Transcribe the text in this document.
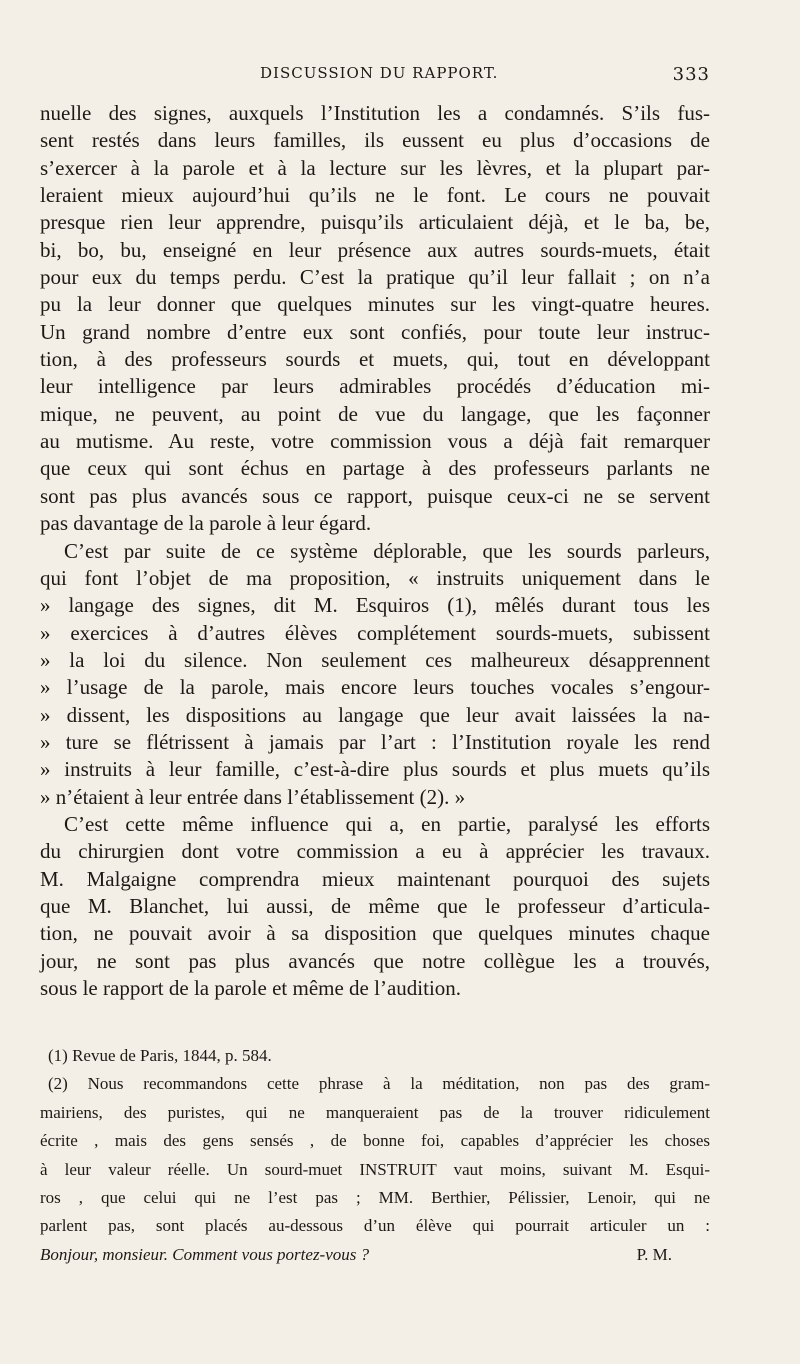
DISCUSSION DU RAPPORT.	333
nuelle des signes, auxquels l’Institution les a condamnés. S’ils fus-
sent restés dans leurs familles, ils eussent eu plus d’occasions de
s’exercer à la parole et à la lecture sur les lèvres, et la plupart par-
leraient mieux aujourd’hui qu’ils ne le font. Le cours ne pouvait
presque rien leur apprendre, puisqu’ils articulaient déjà, et le ba, be,
bi, bo, bu, enseigné en leur présence aux autres sourds-muets, était
pour eux du temps perdu. C’est la pratique qu’il leur fallait ; on n’a
pu la leur donner que quelques minutes sur les vingt-quatre heures.
Un grand nombre d’entre eux sont confiés, pour toute leur instruc-
tion, à des professeurs sourds et muets, qui, tout en développant
leur intelligence par leurs admirables procédés d’éducation mi-
mique, ne peuvent, au point de vue du langage, que les façonner
au mutisme. Au reste, votre commission vous a déjà fait remarquer
que ceux qui sont échus en partage à des professeurs parlants ne
sont pas plus avancés sous ce rapport, puisque ceux-ci ne se servent
pas davantage de la parole à leur égard.
C’est par suite de ce système déplorable, que les sourds parleurs,
qui font l’objet de ma proposition, « instruits uniquement dans le
» langage des signes, dit M. Esquiros (1), mêlés durant tous les
» exercices à d’autres élèves complétement sourds-muets, subissent
» la loi du silence. Non seulement ces malheureux désapprennent
» l’usage de la parole, mais encore leurs touches vocales s’engour-
» dissent, les dispositions au langage que leur avait laissées la na-
» ture se flétrissent à jamais par l’art : l’Institution royale les rend
» instruits à leur famille, c’est-à-dire plus sourds et plus muets qu’ils
» n’étaient à leur entrée dans l’établissement (2). »
C’est cette même influence qui a, en partie, paralysé les efforts
du chirurgien dont votre commission a eu à apprécier les travaux.
M. Malgaigne comprendra mieux maintenant pourquoi des sujets
que M. Blanchet, lui aussi, de même que le professeur d’articula-
tion, ne pouvait avoir à sa disposition que quelques minutes chaque
jour, ne sont pas plus avancés que notre collègue les a trouvés,
sous le rapport de la parole et même de l’audition.
(1) Revue de Paris, 1844, p. 584.
(2) Nous recommandons cette phrase à la méditation, non pas des gram-
mairiens, des puristes, qui ne manqueraient pas de la trouver ridiculement
écrite , mais des gens sensés , de bonne foi, capables d’apprécier les choses
à leur valeur réelle. Un sourd-muet INSTRUIT vaut moins, suivant M. Esqui-
ros , que celui qui ne l’est pas ; MM. Berthier, Pélissier, Lenoir, qui ne
parlent pas, sont placés au-dessous d’un élève qui pourrait articuler un :
Bonjour, monsieur. Comment vous portez-vous ?	P. M.
